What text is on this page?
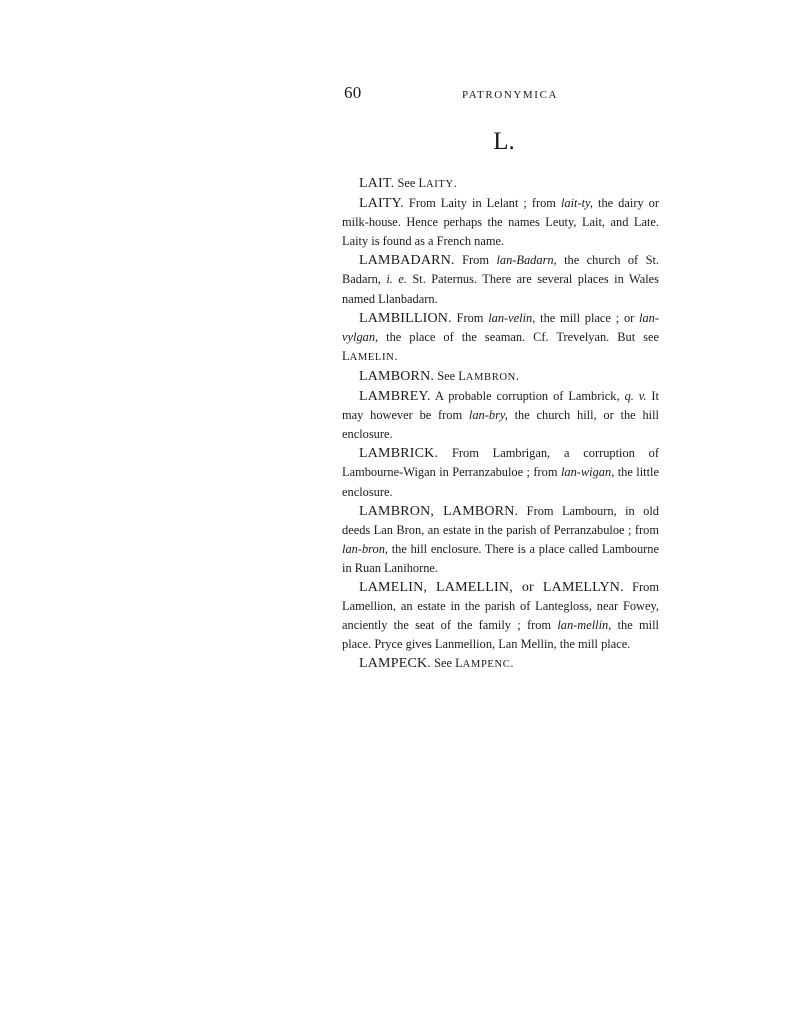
60	PATRONYMICA
L.

LAIT. See LAITY.

LAITY. From Laity in Lelant ; from lait-ty, the dairy or milk-house. Hence perhaps the names Leuty, Lait, and Late. Laity is found as a French name.

LAMBADARN. From lan-Badarn, the church of St. Badarn, i. e. St. Paternus. There are several places in Wales named Llanbadarn.

LAMBILLION. From lan-velin, the mill place ; or lan-vylgan, the place of the seaman. Cf. Trevelyan. But see LAMELIN.

LAMBORN. See LAMBRON.

LAMBREY. A probable corruption of Lambrick, q. v. It may however be from lan-bry, the church hill, or the hill enclosure.

LAMBRICK. From Lambrigan, a corruption of Lambourne-Wigan in Perranzabuloe ; from lan-wigan, the little enclosure.

LAMBRON, LAMBORN. From Lambourn, in old deeds Lan Bron, an estate in the parish of Perranzabuloe ; from lan-bron, the hill enclosure. There is a place called Lambourne in Ruan Lanihorne.

LAMELIN, LAMELLIN, or LAMELLYN. From Lamellion, an estate in the parish of Lantegloss, near Fowey, anciently the seat of the family ; from lan-mellin, the mill place. Pryce gives Lanmellion, Lan Mellin, the mill place.

LAMPECK. See LAMPENC.
